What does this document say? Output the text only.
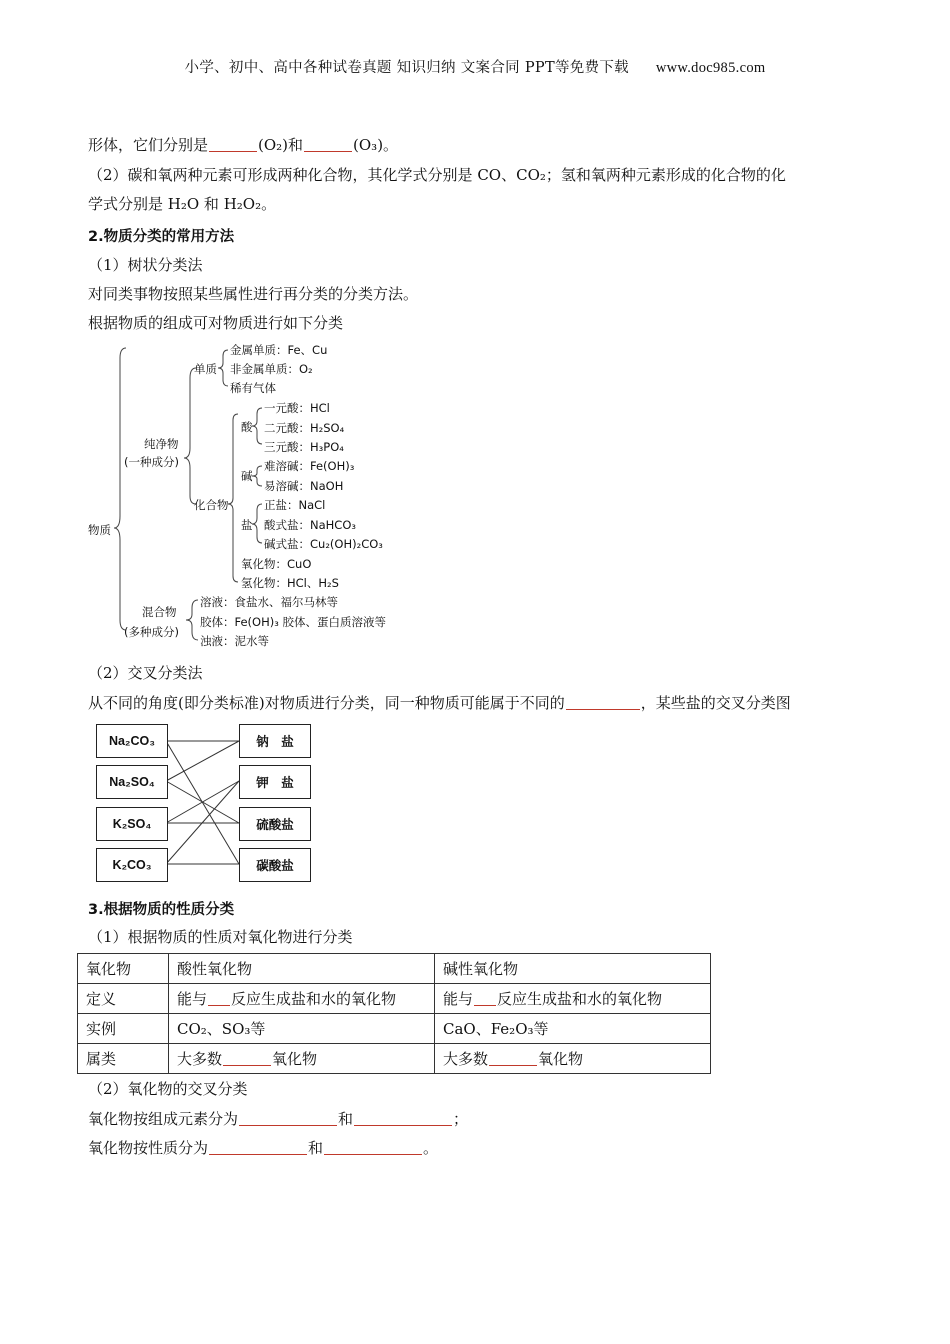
小学、初中、高中各种试卷真题 知识归纳 文案合同 PPT等免费下载 www.doc985.com
形体，它们分别是	(O₂)和	(O₃)。
（2）碳和氧两种元素可形成两种化合物，其化学式分别是 CO、CO₂；氢和氧两种元素形成的化合物的化
学式分别是 H₂O 和 H₂O₂。
2.物质分类的常用方法
（1）树状分类法
对同类事物按照某些属性进行再分类的分类方法。
根据物质的组成可对物质进行如下分类
物质
纯净物
(一种成分)
混合物
(多种成分)
单质
化合物
金属单质：Fe、Cu
非金属单质：O₂
稀有气体
酸
一元酸：HCl
二元酸：H₂SO₄
三元酸：H₃PO₄
碱
难溶碱：Fe(OH)₃
易溶碱：NaOH
盐
正盐：NaCl
酸式盐：NaHCO₃
碱式盐：Cu₂(OH)₂CO₃
氧化物：CuO
氢化物：HCl、H₂S
溶液：食盐水、福尔马林等
胶体：Fe(OH)₃ 胶体、蛋白质溶液等
浊液：泥水等
（2）交叉分类法
从不同的角度(即分类标准)对物质进行分类，同一种物质可能属于不同的	，某些盐的交叉分类图
Na₂CO₃
Na₂SO₄
K₂SO₄
K₂CO₃
钠　盐
钾　盐
硫酸盐
碳酸盐
3.根据物质的性质分类
（1）根据物质的性质对氧化物进行分类
氧化物	酸性氧化物	碱性氧化物
定义	能与 反应生成盐和水的氧化物	能与 反应生成盐和水的氧化物
实例	CO₂、SO₃等	CaO、Fe₂O₃等
属类	大多数 氧化物	大多数 氧化物
（2）氧化物的交叉分类
氧化物按组成元素分为	和	；
氧化物按性质分为	和	。
